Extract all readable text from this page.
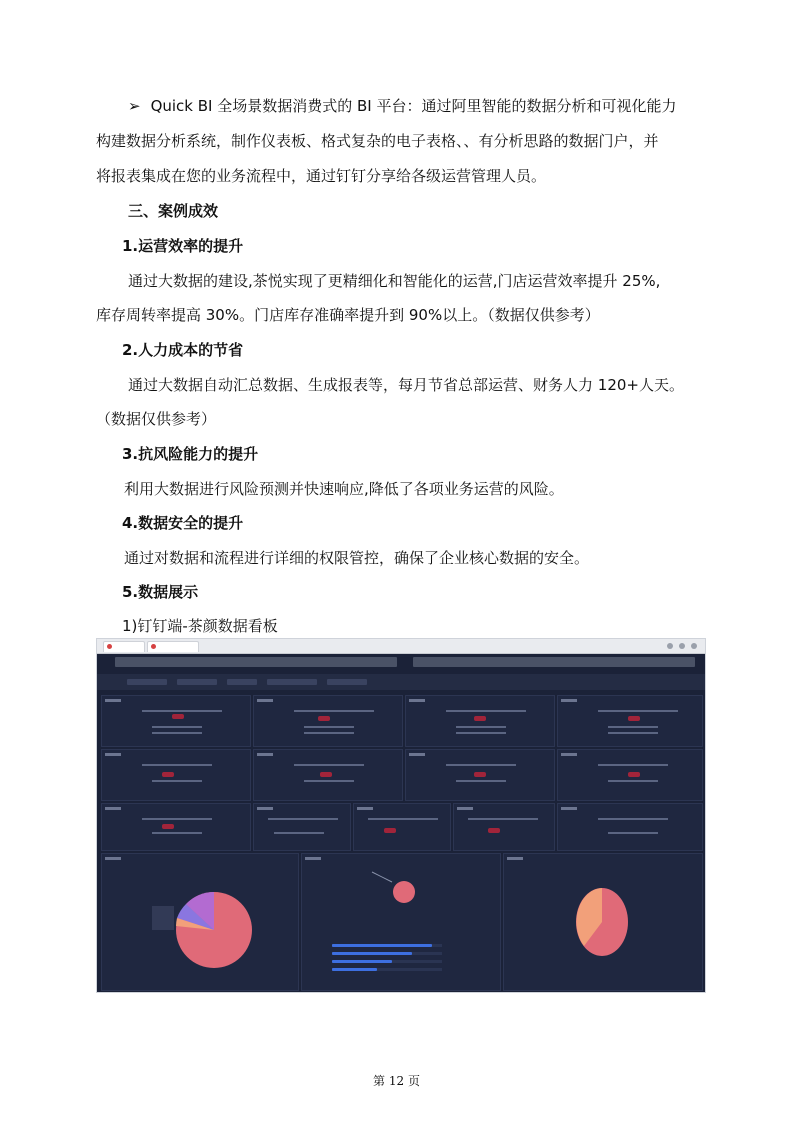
➢ Quick BI 全场景数据消费式的 BI 平台：通过阿里智能的数据分析和可视化能力
构建数据分析系统，制作仪表板、格式复杂的电子表格、、有分析思路的数据门户，并
将报表集成在您的业务流程中，通过钉钉分享给各级运营管理人员。
三、案例成效
1.运营效率的提升
通过大数据的建设,茶悦实现了更精细化和智能化的运营,门店运营效率提升 25%,
库存周转率提高 30%。门店库存准确率提升到 90%以上。（数据仅供参考）
2.人力成本的节省
通过大数据自动汇总数据、生成报表等，每月节省总部运营、财务人力 120+人天。
（数据仅供参考）
3.抗风险能力的提升
利用大数据进行风险预测并快速响应,降低了各项业务运营的风险。
4.数据安全的提升
通过对数据和流程进行详细的权限管控，确保了企业核心数据的安全。
5.数据展示
1)钉钉端-茶颜数据看板
第 12 页
